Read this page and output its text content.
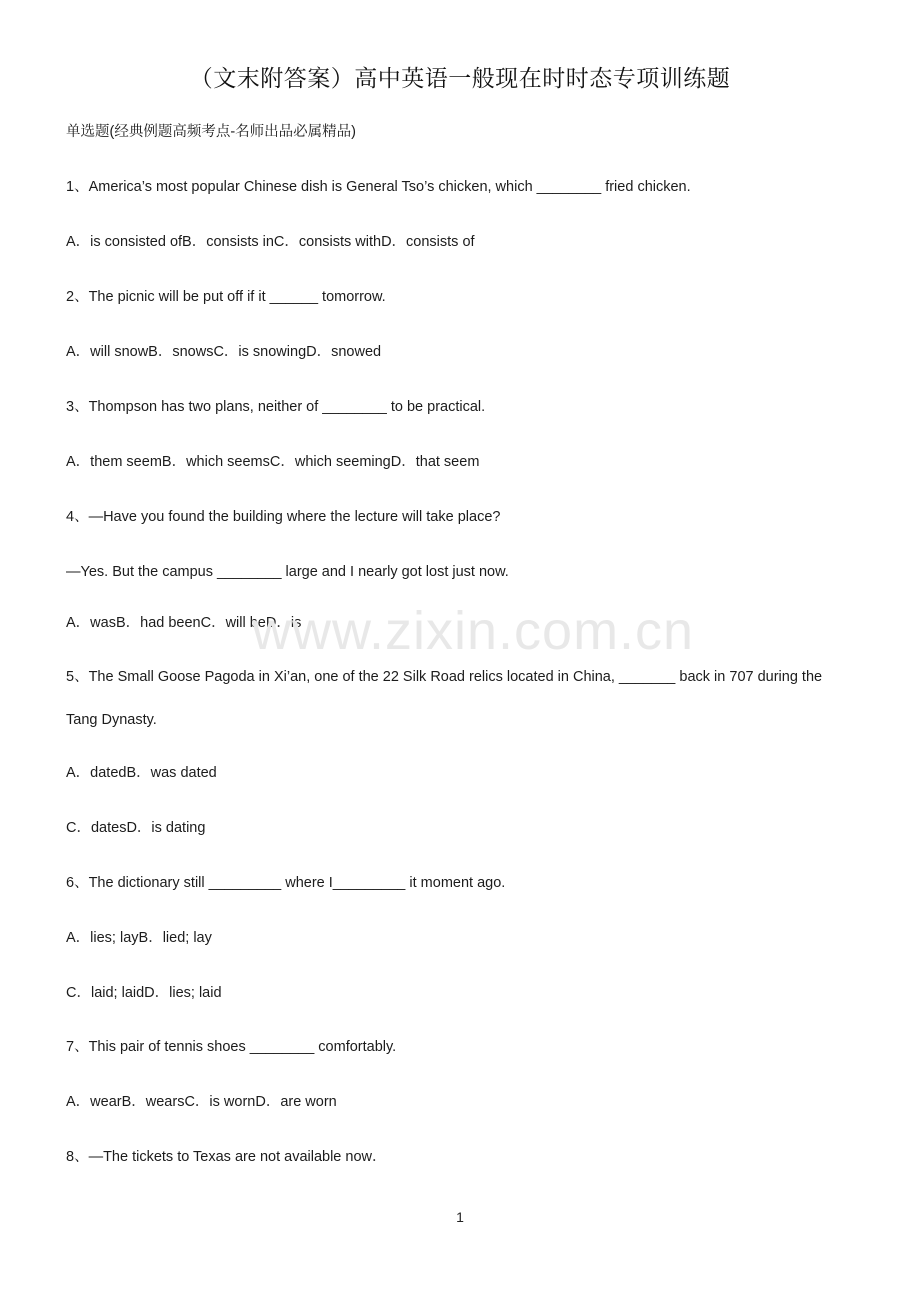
（文末附答案）高中英语一般现在时时态专项训练题
单选题(经典例题高频考点-名师出品必属精品)
1、America’s most popular Chinese dish is General Tso’s chicken, which ________ fried chicken.
A．is consisted ofB．consists inC．consists withD．consists of
2、The picnic will be put off if it ______ tomorrow.
A．will snowB．snowsC．is snowingD．snowed
3、Thompson has two plans, neither of ________ to be practical.
A．them seemB．which seemsC．which seemingD．that seem
4、—Have you found the building where the lecture will take place?
—Yes. But the campus ________ large and I nearly got lost just now.
A．wasB．had beenC．will beD．is
www.zixin.com.cn
5、The Small Goose Pagoda in Xi’an, one of the 22 Silk Road relics located in China, _______ back in 707 during the Tang Dynasty.
A．datedB．was dated
C．datesD．is dating
6、The dictionary still _________ where I_________ it moment ago.
A．lies; layB．lied; lay
C．laid; laidD．lies; laid
7、This pair of tennis shoes ________ comfortably.
A．wearB．wearsC．is wornD．are worn
8、—The tickets to Texas are not available now．
1
